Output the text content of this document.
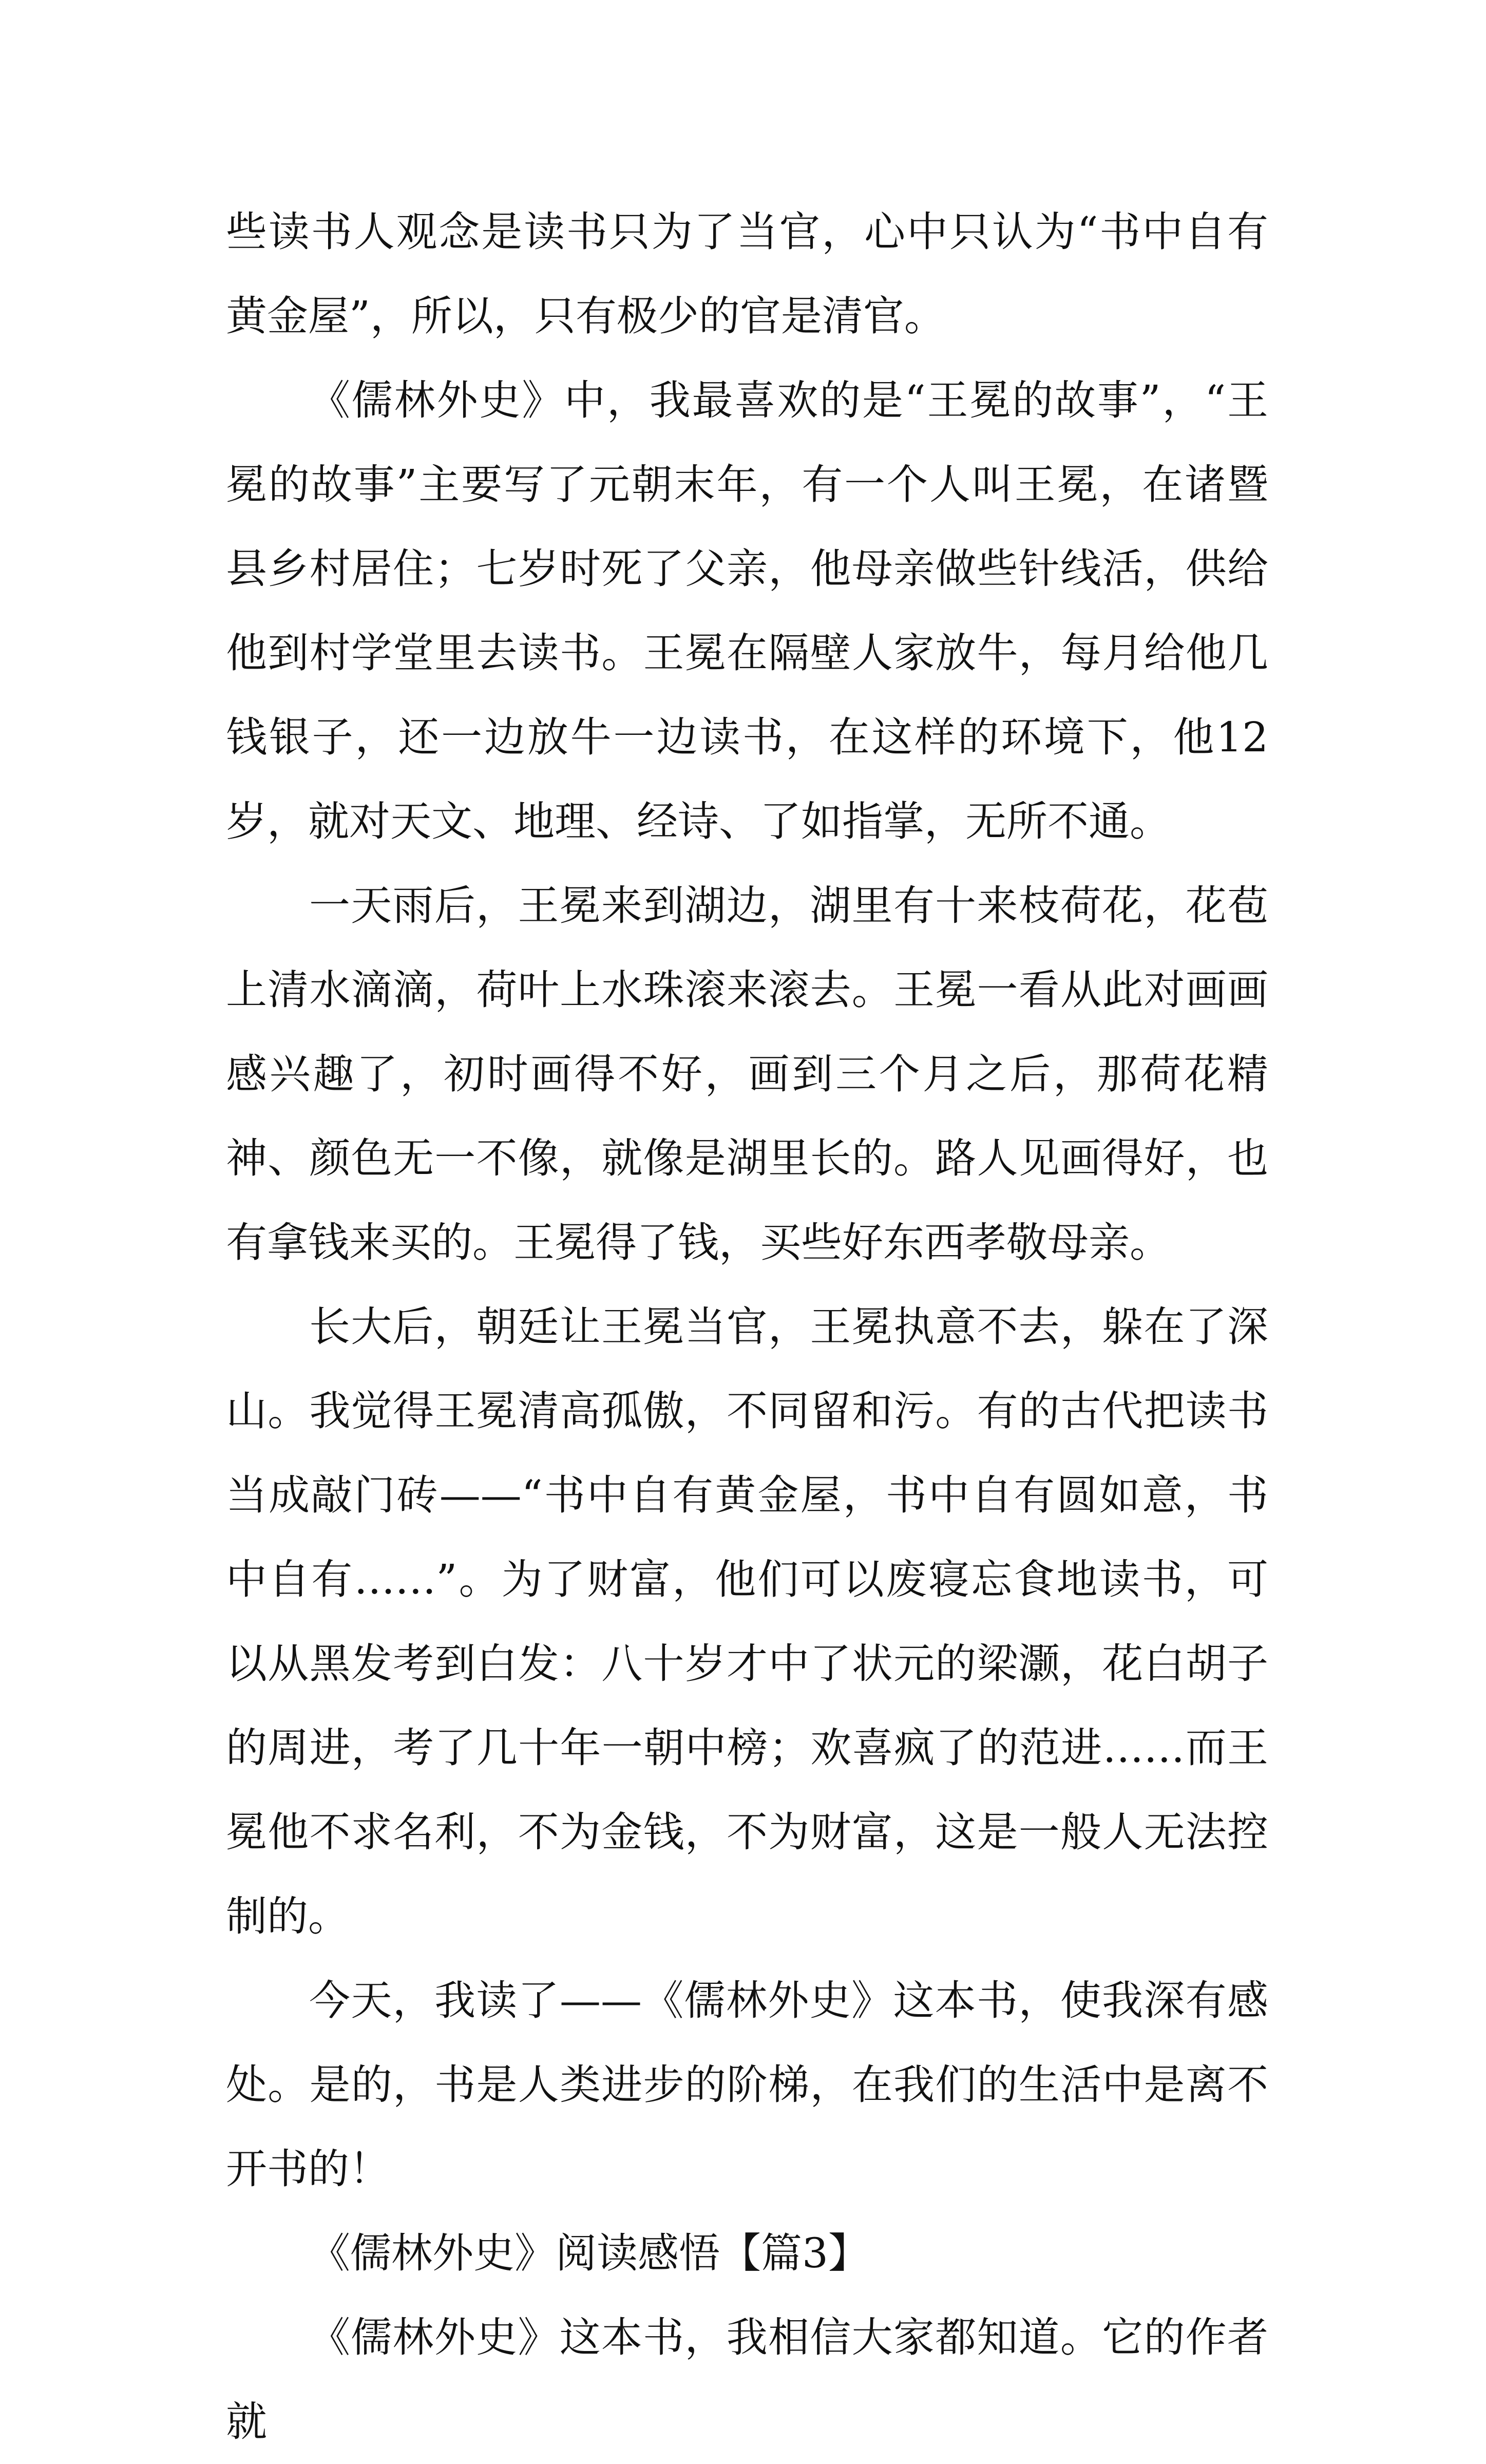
些读书人观念是读书只为了当官，心中只认为“书中自有黄金屋”，所以，只有极少的官是清官。

《儒林外史》中，我最喜欢的是“王冕的故事”，“王冕的故事”主要写了元朝末年，有一个人叫王冕，在诸暨县乡村居住；七岁时死了父亲，他母亲做些针线活，供给他到村学堂里去读书。王冕在隔壁人家放牛，每月给他几钱银子，还一边放牛一边读书，在这样的环境下，他12岁，就对天文、地理、经诗、了如指掌，无所不通。

一天雨后，王冕来到湖边，湖里有十来枝荷花，花苞上清水滴滴，荷叶上水珠滚来滚去。王冕一看从此对画画感兴趣了，初时画得不好，画到三个月之后，那荷花精神、颜色无一不像，就像是湖里长的。路人见画得好，也有拿钱来买的。王冕得了钱，买些好东西孝敬母亲。

长大后，朝廷让王冕当官，王冕执意不去，躲在了深山。我觉得王冕清高孤傲，不同留和污。有的古代把读书当成敲门砖——“书中自有黄金屋，书中自有圆如意，书中自有……”。为了财富，他们可以废寝忘食地读书，可以从黑发考到白发：八十岁才中了状元的梁灏，花白胡子的周进，考了几十年一朝中榜；欢喜疯了的范进……而王冕他不求名利，不为金钱，不为财富，这是一般人无法控制的。

今天，我读了——《儒林外史》这本书，使我深有感处。是的，书是人类进步的阶梯，在我们的生活中是离不开书的！

《儒林外史》阅读感悟【篇3】

《儒林外史》这本书，我相信大家都知道。它的作者就
